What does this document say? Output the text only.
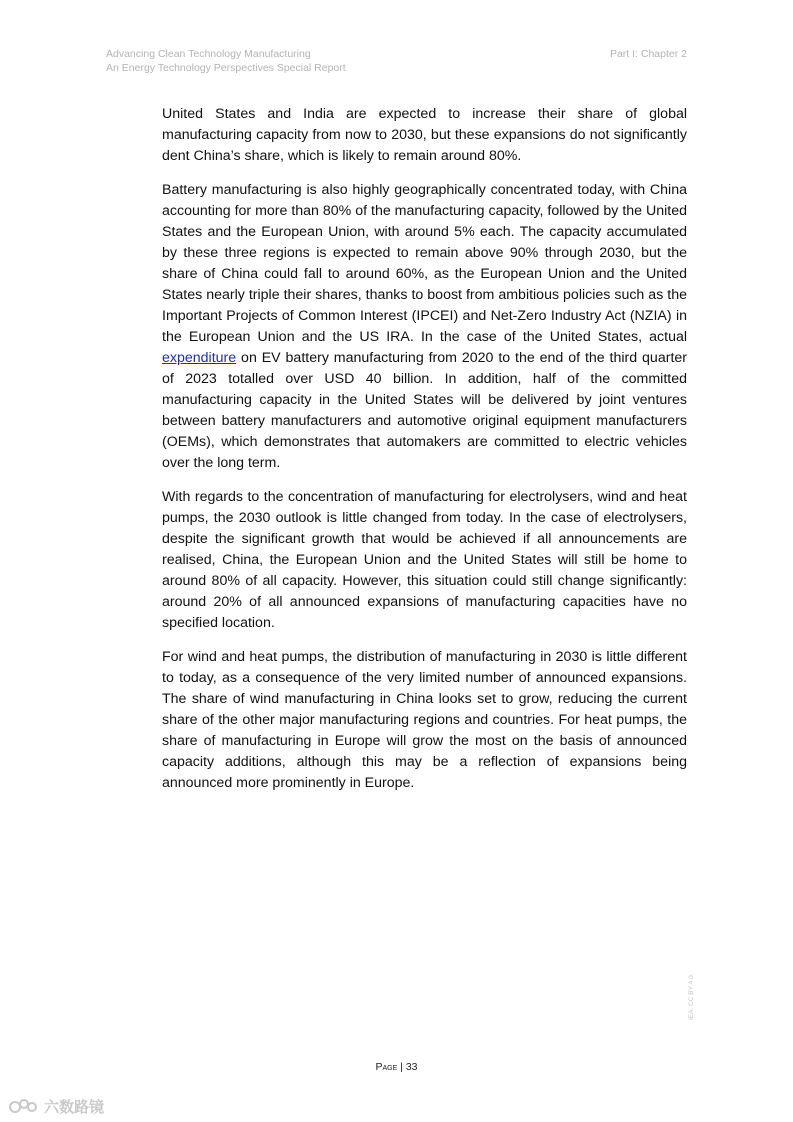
Advancing Clean Technology Manufacturing
An Energy Technology Perspectives Special Report
Part I: Chapter 2

United States and India are expected to increase their share of global manufacturing capacity from now to 2030, but these expansions do not significantly dent China’s share, which is likely to remain around 80%.

Battery manufacturing is also highly geographically concentrated today, with China accounting for more than 80% of the manufacturing capacity, followed by the United States and the European Union, with around 5% each. The capacity accumulated by these three regions is expected to remain above 90% through 2030, but the share of China could fall to around 60%, as the European Union and the United States nearly triple their shares, thanks to boost from ambitious policies such as the Important Projects of Common Interest (IPCEI) and Net-Zero Industry Act (NZIA) in the European Union and the US IRA. In the case of the United States, actual expenditure on EV battery manufacturing from 2020 to the end of the third quarter of 2023 totalled over USD 40 billion. In addition, half of the committed manufacturing capacity in the United States will be delivered by joint ventures between battery manufacturers and automotive original equipment manufacturers (OEMs), which demonstrates that automakers are committed to electric vehicles over the long term.

With regards to the concentration of manufacturing for electrolysers, wind and heat pumps, the 2030 outlook is little changed from today. In the case of electrolysers, despite the significant growth that would be achieved if all announcements are realised, China, the European Union and the United States will still be home to around 80% of all capacity. However, this situation could still change significantly: around 20% of all announced expansions of manufacturing capacities have no specified location.

For wind and heat pumps, the distribution of manufacturing in 2030 is little different to today, as a consequence of the very limited number of announced expansions. The share of wind manufacturing in China looks set to grow, reducing the current share of the other major manufacturing regions and countries. For heat pumps, the share of manufacturing in Europe will grow the most on the basis of announced capacity additions, although this may be a reflection of expansions being announced more prominently in Europe.

Page | 33
IEA. CC BY 4.0.
六数路镜
